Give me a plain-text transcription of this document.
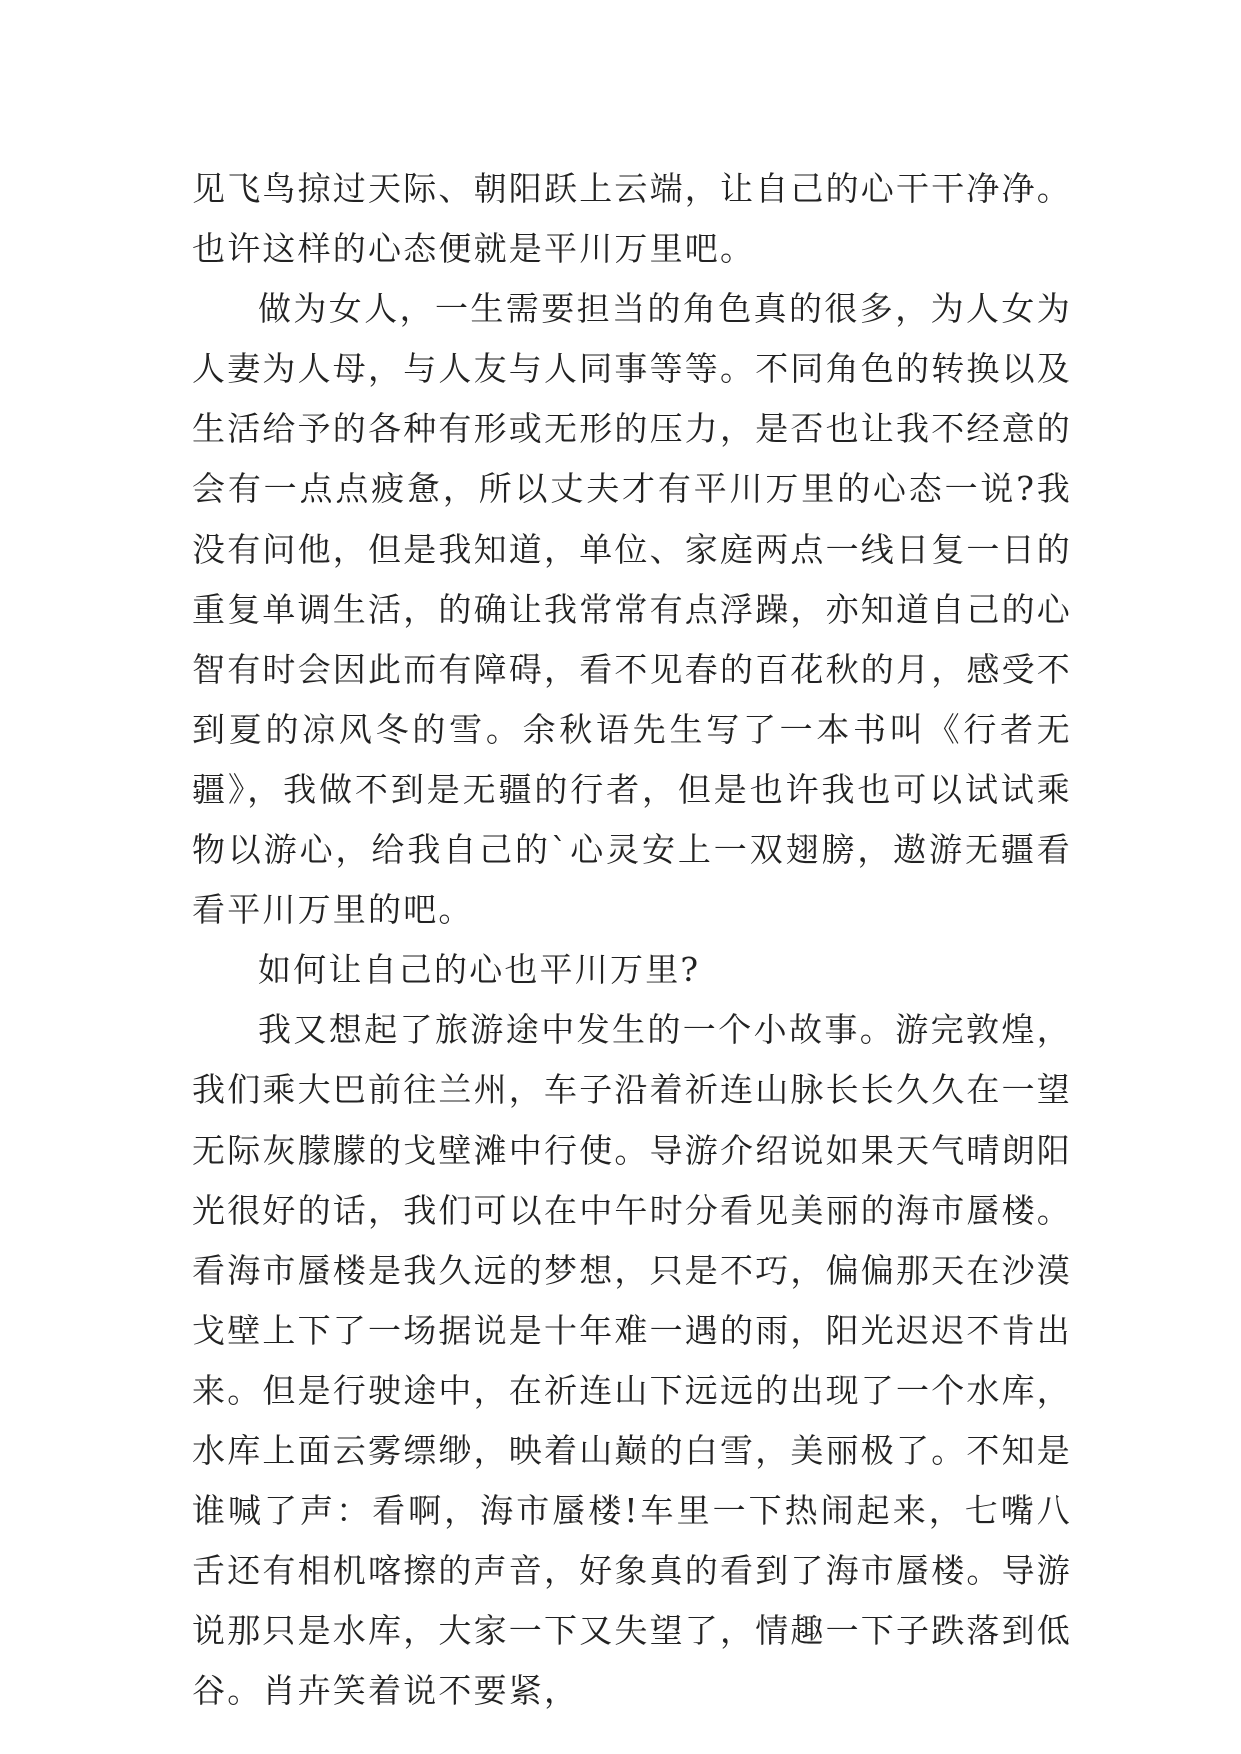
见飞鸟掠过天际、朝阳跃上云端，让自己的心干干净净。也许这样的心态便就是平川万里吧。

做为女人，一生需要担当的角色真的很多，为人女为人妻为人母，与人友与人同事等等。不同角色的转换以及生活给予的各种有形或无形的压力，是否也让我不经意的会有一点点疲惫，所以丈夫才有平川万里的心态一说?我没有问他，但是我知道，单位、家庭两点一线日复一日的重复单调生活，的确让我常常有点浮躁，亦知道自己的心智有时会因此而有障碍，看不见春的百花秋的月，感受不到夏的凉风冬的雪。余秋语先生写了一本书叫《行者无疆》，我做不到是无疆的行者，但是也许我也可以试试乘物以游心，给我自己的`心灵安上一双翅膀，遨游无疆看看平川万里的吧。

如何让自己的心也平川万里?

我又想起了旅游途中发生的一个小故事。游完敦煌，我们乘大巴前往兰州，车子沿着祈连山脉长长久久在一望无际灰朦朦的戈壁滩中行使。导游介绍说如果天气晴朗阳光很好的话，我们可以在中午时分看见美丽的海市蜃楼。看海市蜃楼是我久远的梦想，只是不巧，偏偏那天在沙漠戈壁上下了一场据说是十年难一遇的雨，阳光迟迟不肯出来。但是行驶途中，在祈连山下远远的出现了一个水库，水库上面云雾缥缈，映着山巅的白雪，美丽极了。不知是谁喊了声：看啊，海市蜃楼!车里一下热闹起来，七嘴八舌还有相机喀擦的声音，好象真的看到了海市蜃楼。导游说那只是水库，大家一下又失望了，情趣一下子跌落到低谷。肖卉笑着说不要紧，
